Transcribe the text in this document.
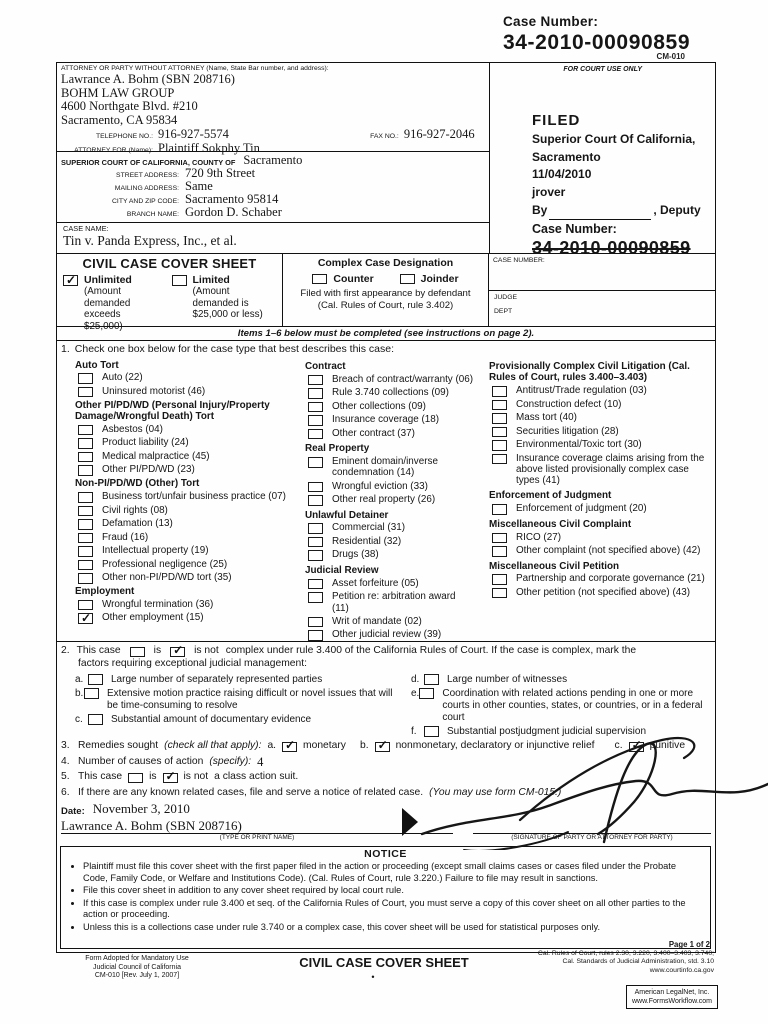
Case Number:
34-2010-00090859
CM-010
ATTORNEY OR PARTY WITHOUT ATTORNEY (Name, State Bar number, and address):
Lawrance A. Bohm (SBN 208716)
BOHM LAW GROUP
4600 Northgate Blvd. #210
Sacramento, CA 95834
TELEPHONE NO.: 916-927-5574	FAX NO.: 916-927-2046
ATTORNEY FOR (Name): Plaintiff Sokphy Tin
SUPERIOR COURT OF CALIFORNIA, COUNTY OF Sacramento
STREET ADDRESS: 720 9th Street
MAILING ADDRESS: Same
CITY AND ZIP CODE: Sacramento 95814
BRANCH NAME: Gordon D. Schaber
CASE NAME:
Tin v. Panda Express, Inc., et al.
FOR COURT USE ONLY
FILED
Superior Court Of California,
Sacramento
11/04/2010
jrover
By	, Deputy
Case Number:
34-2010-00090859
CIVIL CASE COVER SHEET
✓
Unlimited
(Amount demanded exceeds $25,000)
Limited
(Amount demanded is $25,000 or less)
Complex Case Designation
Counter	Joinder
Filed with first appearance by defendant
(Cal. Rules of Court, rule 3.402)
CASE NUMBER:
JUDGE
DEPT
Items 1–6 below must be completed (see instructions on page 2).
1. Check one box below for the case type that best describes this case:
Auto Tort
Auto (22)
Uninsured motorist (46)
Other PI/PD/WD (Personal Injury/Property Damage/Wrongful Death) Tort
Asbestos (04)
Product liability (24)
Medical malpractice (45)
Other PI/PD/WD (23)
Non-PI/PD/WD (Other) Tort
Business tort/unfair business practice (07)
Civil rights (08)
Defamation (13)
Fraud (16)
Intellectual property (19)
Professional negligence (25)
Other non-PI/PD/WD tort (35)
Employment
Wrongful termination (36)
✓
Other employment (15)
Contract
Breach of contract/warranty (06)
Rule 3.740 collections (09)
Other collections (09)
Insurance coverage (18)
Other contract (37)
Real Property
Eminent domain/inverse condemnation (14)
Wrongful eviction (33)
Other real property (26)
Unlawful Detainer
Commercial (31)
Residential (32)
Drugs (38)
Judicial Review
Asset forfeiture (05)
Petition re: arbitration award (11)
Writ of mandate (02)
Other judicial review (39)
Provisionally Complex Civil Litigation (Cal. Rules of Court, rules 3.400–3.403)
Antitrust/Trade regulation (03)
Construction defect (10)
Mass tort (40)
Securities litigation (28)
Environmental/Toxic tort (30)
Insurance coverage claims arising from the above listed provisionally complex case types (41)
Enforcement of Judgment
Enforcement of judgment (20)
Miscellaneous Civil Complaint
RICO (27)
Other complaint (not specified above) (42)
Miscellaneous Civil Petition
Partnership and corporate governance (21)
Other petition (not specified above) (43)
2. This case	is ✓	is not complex under rule 3.400 of the California Rules of Court. If the case is complex, mark the
factors requiring exceptional judicial management:
a.	Large number of separately represented parties
b. Extensive motion practice raising difficult or novel issues that will be time-consuming to resolve
c.	Substantial amount of documentary evidence
d.	Large number of witnesses
e. Coordination with related actions pending in one or more courts in other counties, states, or countries, or in a federal court
f.	Substantial postjudgment judicial supervision
3. Remedies sought (check all that apply): a. ✓	monetary b. ✓	nonmonetary, declaratory or injunctive relief c. ✓	punitive
4. Number of causes of action (specify): 4
5. This case	is ✓	is not a class action suit.
6. If there are any known related cases, file and serve a notice of related case. (You may use form CM-015.)
Date: November 3, 2010
Lawrance A. Bohm (SBN 208716)
(TYPE OR PRINT NAME)	(SIGNATURE OF PARTY OR ATTORNEY FOR PARTY)
NOTICE
• Plaintiff must file this cover sheet with the first paper filed in the action or proceeding (except small claims cases or cases filed under the Probate Code, Family Code, or Welfare and Institutions Code). (Cal. Rules of Court, rule 3.220.) Failure to file may result in sanctions.
• File this cover sheet in addition to any cover sheet required by local court rule.
• If this case is complex under rule 3.400 et seq. of the California Rules of Court, you must serve a copy of this cover sheet on all other parties to the action or proceeding.
• Unless this is a collections case under rule 3.740 or a complex case, this cover sheet will be used for statistical purposes only.
Page 1 of 2
Form Adopted for Mandatory Use
Judicial Council of California
CM-010 [Rev. July 1, 2007]
CIVIL CASE COVER SHEET
•
Cal. Rules of Court, rules 2.30, 3.220, 3.400–3.403, 3.740;
Cal. Standards of Judicial Administration, std. 3.10
www.courtinfo.ca.gov
American LegalNet, Inc.
www.FormsWorkflow.com
